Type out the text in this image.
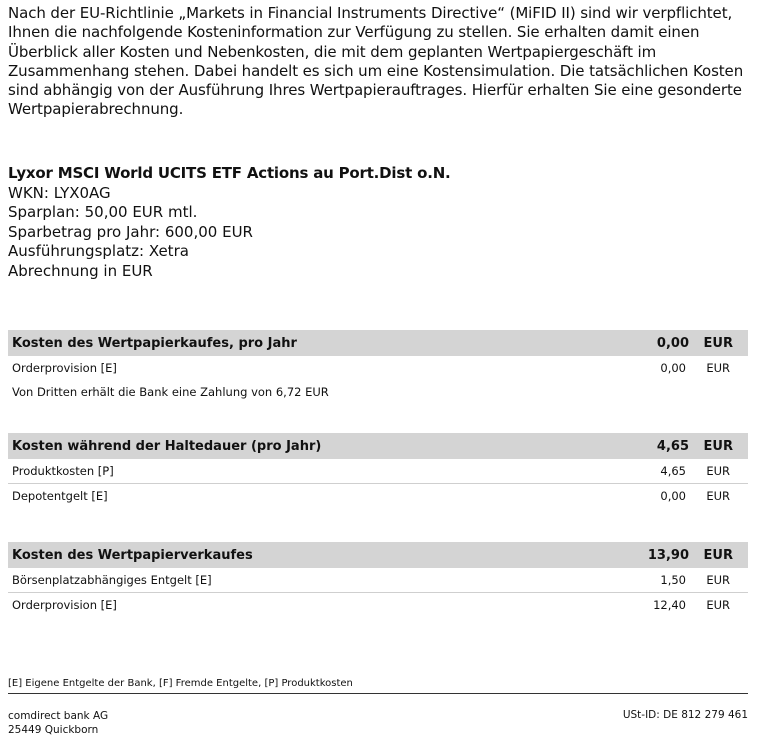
Nach der EU-Richtlinie „Markets in Financial Instruments Directive“ (MiFID II) sind wir verpflichtet, Ihnen die nachfolgende Kosteninformation zur Verfügung zu stellen. Sie erhalten damit einen Überblick aller Kosten und Nebenkosten, die mit dem geplanten Wertpapiergeschäft im Zusammenhang stehen. Dabei handelt es sich um eine Kostensimulation. Die tatsächlichen Kosten sind abhängig von der Ausführung Ihres Wertpapierauftrages. Hierfür erhalten Sie eine gesonderte Wertpapierabrechnung.
Lyxor MSCI World UCITS ETF Actions au Port.Dist o.N.
WKN: LYX0AG
Sparplan: 50,00 EUR mtl.
Sparbetrag pro Jahr: 600,00 EUR
Ausführungsplatz: Xetra
Abrechnung in EUR
Kosten des Wertpapierkaufes, pro Jahr	0,00	EUR
Orderprovision [E]	0,00	EUR
Von Dritten erhält die Bank eine Zahlung von 6,72 EUR
Kosten während der Haltedauer (pro Jahr)	4,65	EUR
Produktkosten [P]	4,65	EUR
Depotentgelt [E]	0,00	EUR
Kosten des Wertpapierverkaufes	13,90	EUR
Börsenplatzabhängiges Entgelt [E]	1,50	EUR
Orderprovision [E]	12,40	EUR
[E] Eigene Entgelte der Bank, [F] Fremde Entgelte, [P] Produktkosten
comdirect bank AG
25449 Quickborn
USt-ID: DE 812 279 461
